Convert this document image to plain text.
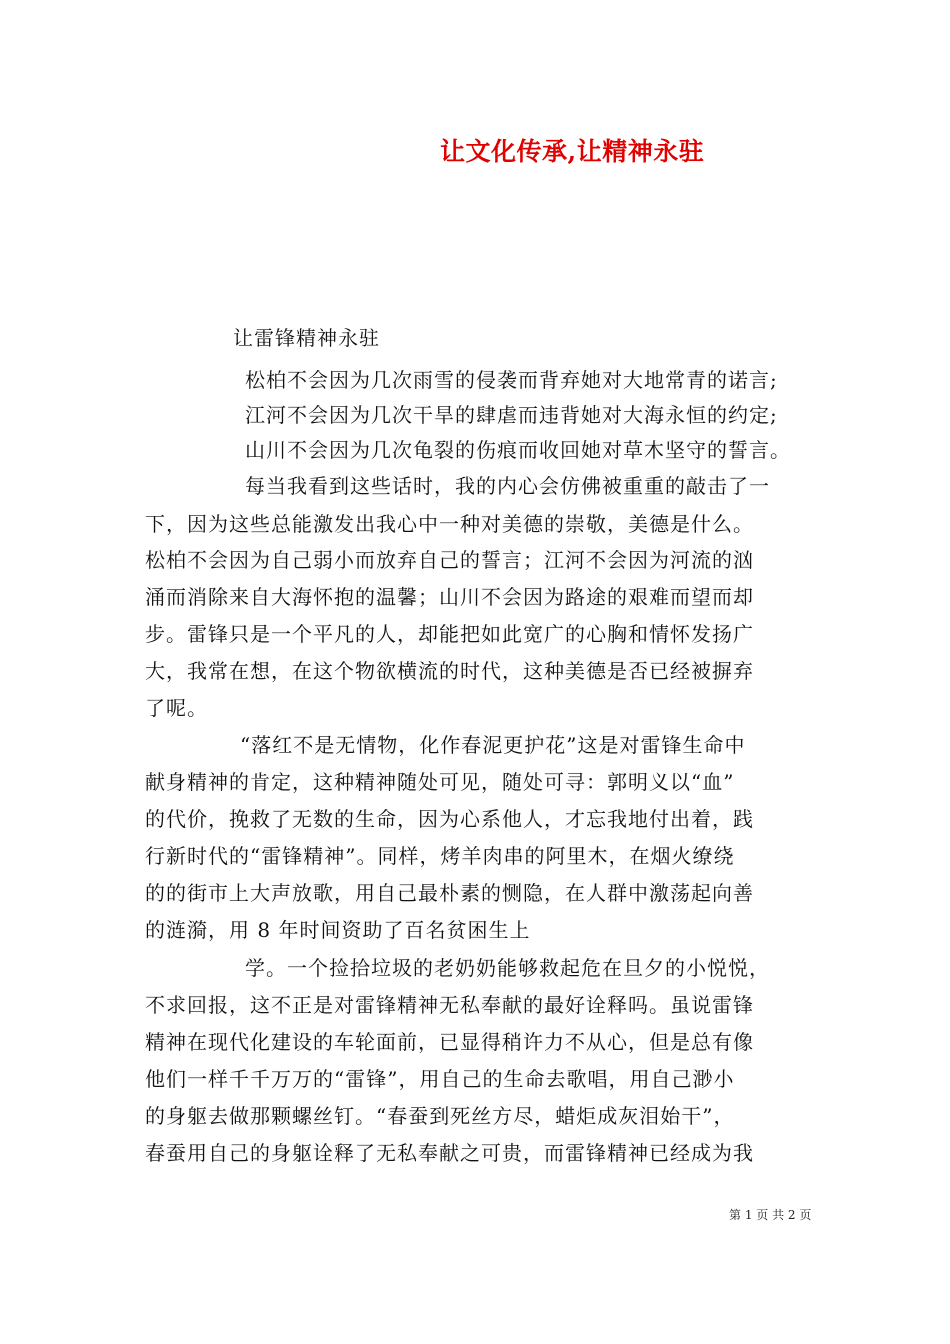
让文化传承,让精神永驻
让雷锋精神永驻
松柏不会因为几次雨雪的侵袭而背弃她对大地常青的诺言;
江河不会因为几次干旱的肆虐而违背她对大海永恒的约定;
山川不会因为几次龟裂的伤痕而收回她对草木坚守的誓言。
每当我看到这些话时，我的内心会仿佛被重重的敲击了一
下，因为这些总能激发出我心中一种对美德的崇敬，美德是什么。
松柏不会因为自己弱小而放弃自己的誓言；江河不会因为河流的汹
涌而消除来自大海怀抱的温馨；山川不会因为路途的艰难而望而却
步。雷锋只是一个平凡的人，却能把如此宽广的心胸和情怀发扬广
大，我常在想，在这个物欲横流的时代，这种美德是否已经被摒弃
了呢。
“落红不是无情物，化作春泥更护花”这是对雷锋生命中
献身精神的肯定，这种精神随处可见，随处可寻：郭明义以“血”
的代价，挽救了无数的生命，因为心系他人，才忘我地付出着，践
行新时代的“雷锋精神”。同样，烤羊肉串的阿里木，在烟火缭绕
的的街市上大声放歌，用自己最朴素的恻隐，在人群中激荡起向善
的涟漪，用 8 年时间资助了百名贫困生上
学。一个捡拾垃圾的老奶奶能够救起危在旦夕的小悦悦，
不求回报，这不正是对雷锋精神无私奉献的最好诠释吗。虽说雷锋
精神在现代化建设的车轮面前，已显得稍许力不从心，但是总有像
他们一样千千万万的“雷锋”，用自己的生命去歌唱，用自己渺小
的身躯去做那颗螺丝钉。“春蚕到死丝方尽，蜡炬成灰泪始干”，
春蚕用自己的身躯诠释了无私奉献之可贵，而雷锋精神已经成为我
第 1 页 共 2 页
